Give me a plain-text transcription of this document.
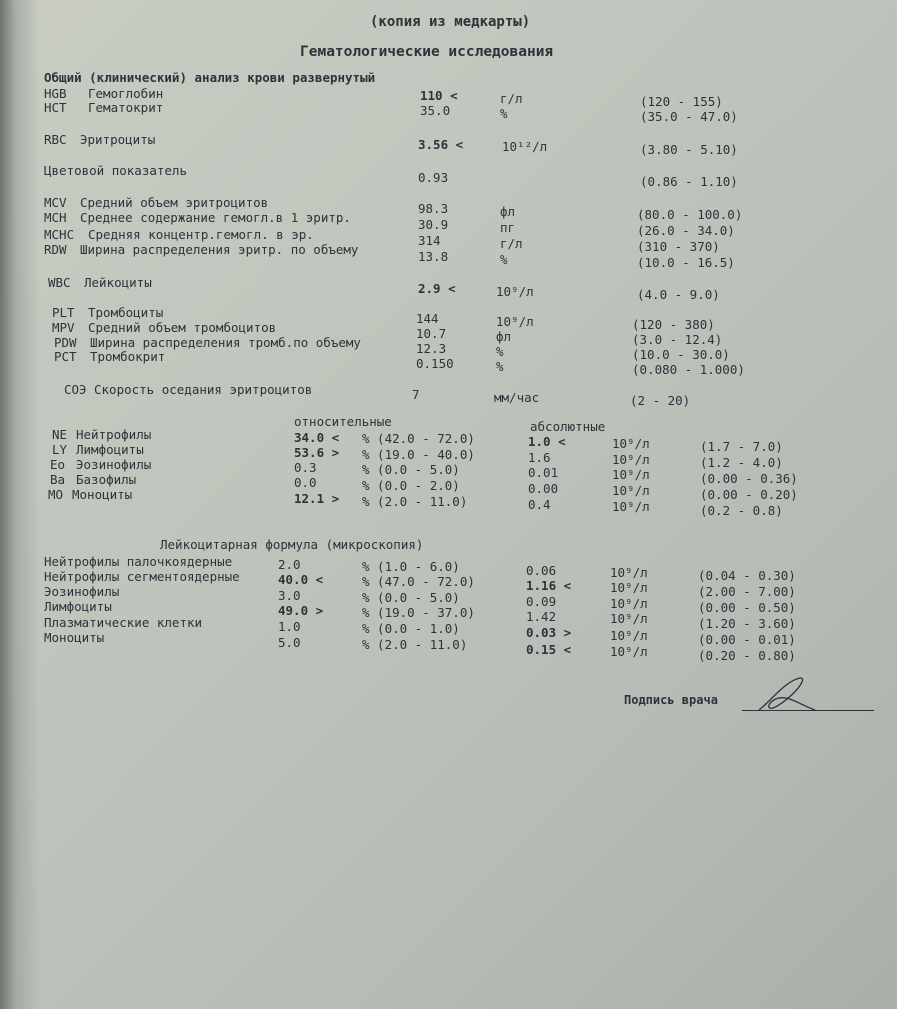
(копия из медкарты)
Гематологические исследования
Общий (клинический) анализ крови развернутый
HGB Гемоглобин	110 <	г/л	(120 - 155)
HCT Гематокрит	35.0	%	(35.0 - 47.0)
RBC Эритроциты	3.56 <	10¹²/л	(3.80 - 5.10)
Цветовой показатель	0.93	(0.86 - 1.10)
MCV Средний объем эритроцитов	98.3	фл	(80.0 - 100.0)
MCH Среднее содержание гемогл.в 1 эритр.	30.9	пг	(26.0 - 34.0)
MCHC Средняя концентр.гемогл. в эр.	314	г/л	(310 - 370)
RDW Ширина распределения эритр. по объему	13.8	%	(10.0 - 16.5)
WBC Лейкоциты	2.9 <	10⁹/л	(4.0 - 9.0)
PLT Тромбоциты	144	10⁹/л	(120 - 380)
MPV Средний объем тромбоцитов	10.7	фл	(3.0 - 12.4)
PDW Ширина распределения тромб.по объему	12.3	%	(10.0 - 30.0)
PCT Тромбокрит	0.150	%	(0.080 - 1.000)
СОЭ Скорость оседания эритроцитов	7	мм/час	(2 - 20)
относительные	абсолютные
NE Нейтрофилы	34.0 < % (42.0 - 72.0)	1.0 <	10⁹/л	(1.7 - 7.0)
LY Лимфоциты	53.6 > % (19.0 - 40.0)	1.6	10⁹/л	(1.2 - 4.0)
Eo Эозинофилы	0.3	% (0.0 - 5.0)	0.01	10⁹/л	(0.00 - 0.36)
Ba Базофилы	0.0	% (0.0 - 2.0)	0.00	10⁹/л	(0.00 - 0.20)
MO Моноциты	12.1 > % (2.0 - 11.0)	0.4	10⁹/л	(0.2 - 0.8)
Лейкоцитарная формула (микроскопия)
Нейтрофилы палочкоядерные	2.0	% (1.0 - 6.0)	0.06	10⁹/л	(0.04 - 0.30)
Нейтрофилы сегментоядерные	40.0 <	% (47.0 - 72.0)	1.16 <	10⁹/л	(2.00 - 7.00)
Эозинофилы	3.0	% (0.0 - 5.0)	0.09	10⁹/л	(0.00 - 0.50)
Лимфоциты	49.0 >	% (19.0 - 37.0)	1.42	10⁹/л	(1.20 - 3.60)
Плазматические клетки	1.0	% (0.0 - 1.0)	0.03 >	10⁹/л	(0.00 - 0.01)
Моноциты	5.0	% (2.0 - 11.0)	0.15 <	10⁹/л	(0.20 - 0.80)
Подпись врача
